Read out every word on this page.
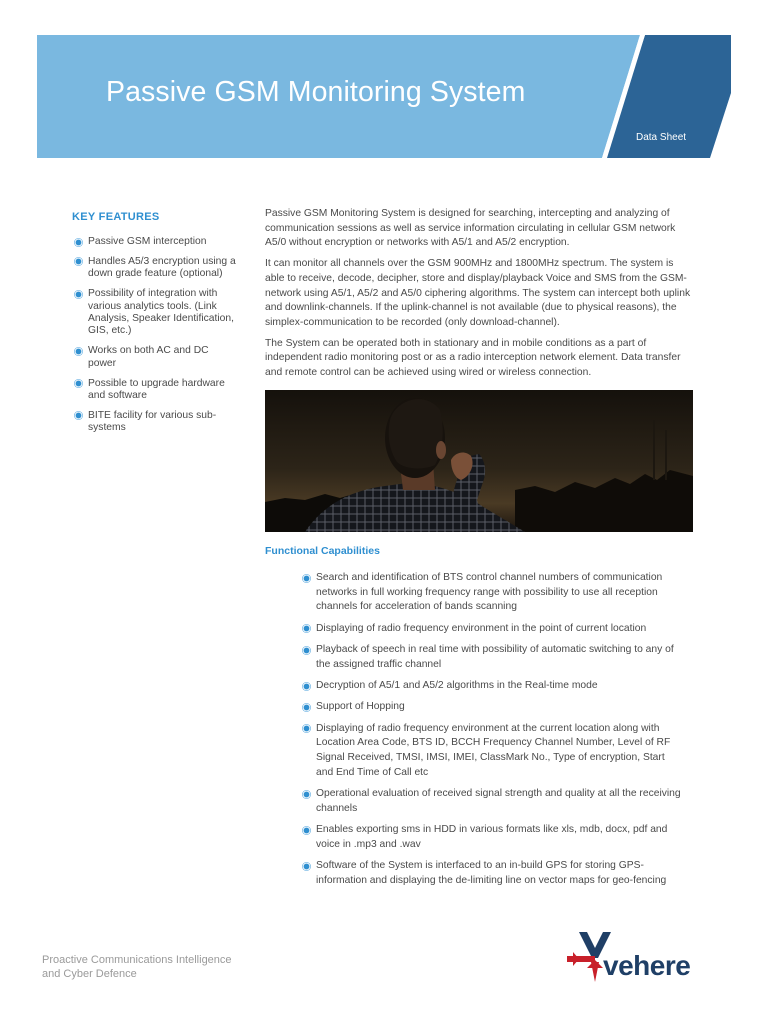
Passive GSM Monitoring System
Data Sheet
KEY FEATURES
Passive GSM interception
Handles A5/3 encryption using a down grade feature (optional)
Possibility of integration with various analytics tools. (Link Analysis, Speaker Identification, GIS, etc.)
Works on both AC and DC power
Possible to upgrade hardware and software
BITE facility for various sub-systems

Passive GSM Monitoring System is designed for searching, intercepting and analyzing of communication sessions as well as service information circulating in cellular GSM network A5/0 without encryption or networks with A5/1 and A5/2 encryption.

It can monitor all channels over the GSM 900MHz and 1800MHz spectrum. The system is able to receive, decode, decipher, store and display/playback Voice and SMS from the GSM-network using A5/1, A5/2 and A5/0 ciphering algorithms. The system can intercept both uplink and downlink-channels. If the uplink-channel is not available (due to physical reasons), the simplex-communication to be recorded (only download-channel).

The System can be operated both in stationary and in mobile conditions as a part of independent radio monitoring post or as a radio interception network element. Data transfer and remote control can be achieved using wired or wireless connection.

Functional Capabilities
Search and identification of BTS control channel numbers of communication networks in full working frequency range with possibility to use all reception channels for acceleration of bands scanning
Displaying of radio frequency environment in the point of current location
Playback of speech in real time with possibility of automatic switching to any of the assigned traffic channel
Decryption of A5/1 and A5/2 algorithms in the Real-time mode
Support of Hopping
Displaying of radio frequency environment at the current location along with Location Area Code, BTS ID, BCCH Frequency Channel Number, Level of RF Signal Received, TMSI, IMSI, IMEI, ClassMark No., Type of encryption, Start and End Time of Call etc
Operational evaluation of received signal strength and quality at all the receiving channels
Enables exporting sms in HDD in various formats like xls, mdb, docx, pdf and voice in .mp3 and .wav
Software of the System is interfaced to an in-build GPS for storing GPS-information and displaying the de-limiting line on vector maps for geo-fencing
Proactive Communications Intelligence
and Cyber Defence	vehere
